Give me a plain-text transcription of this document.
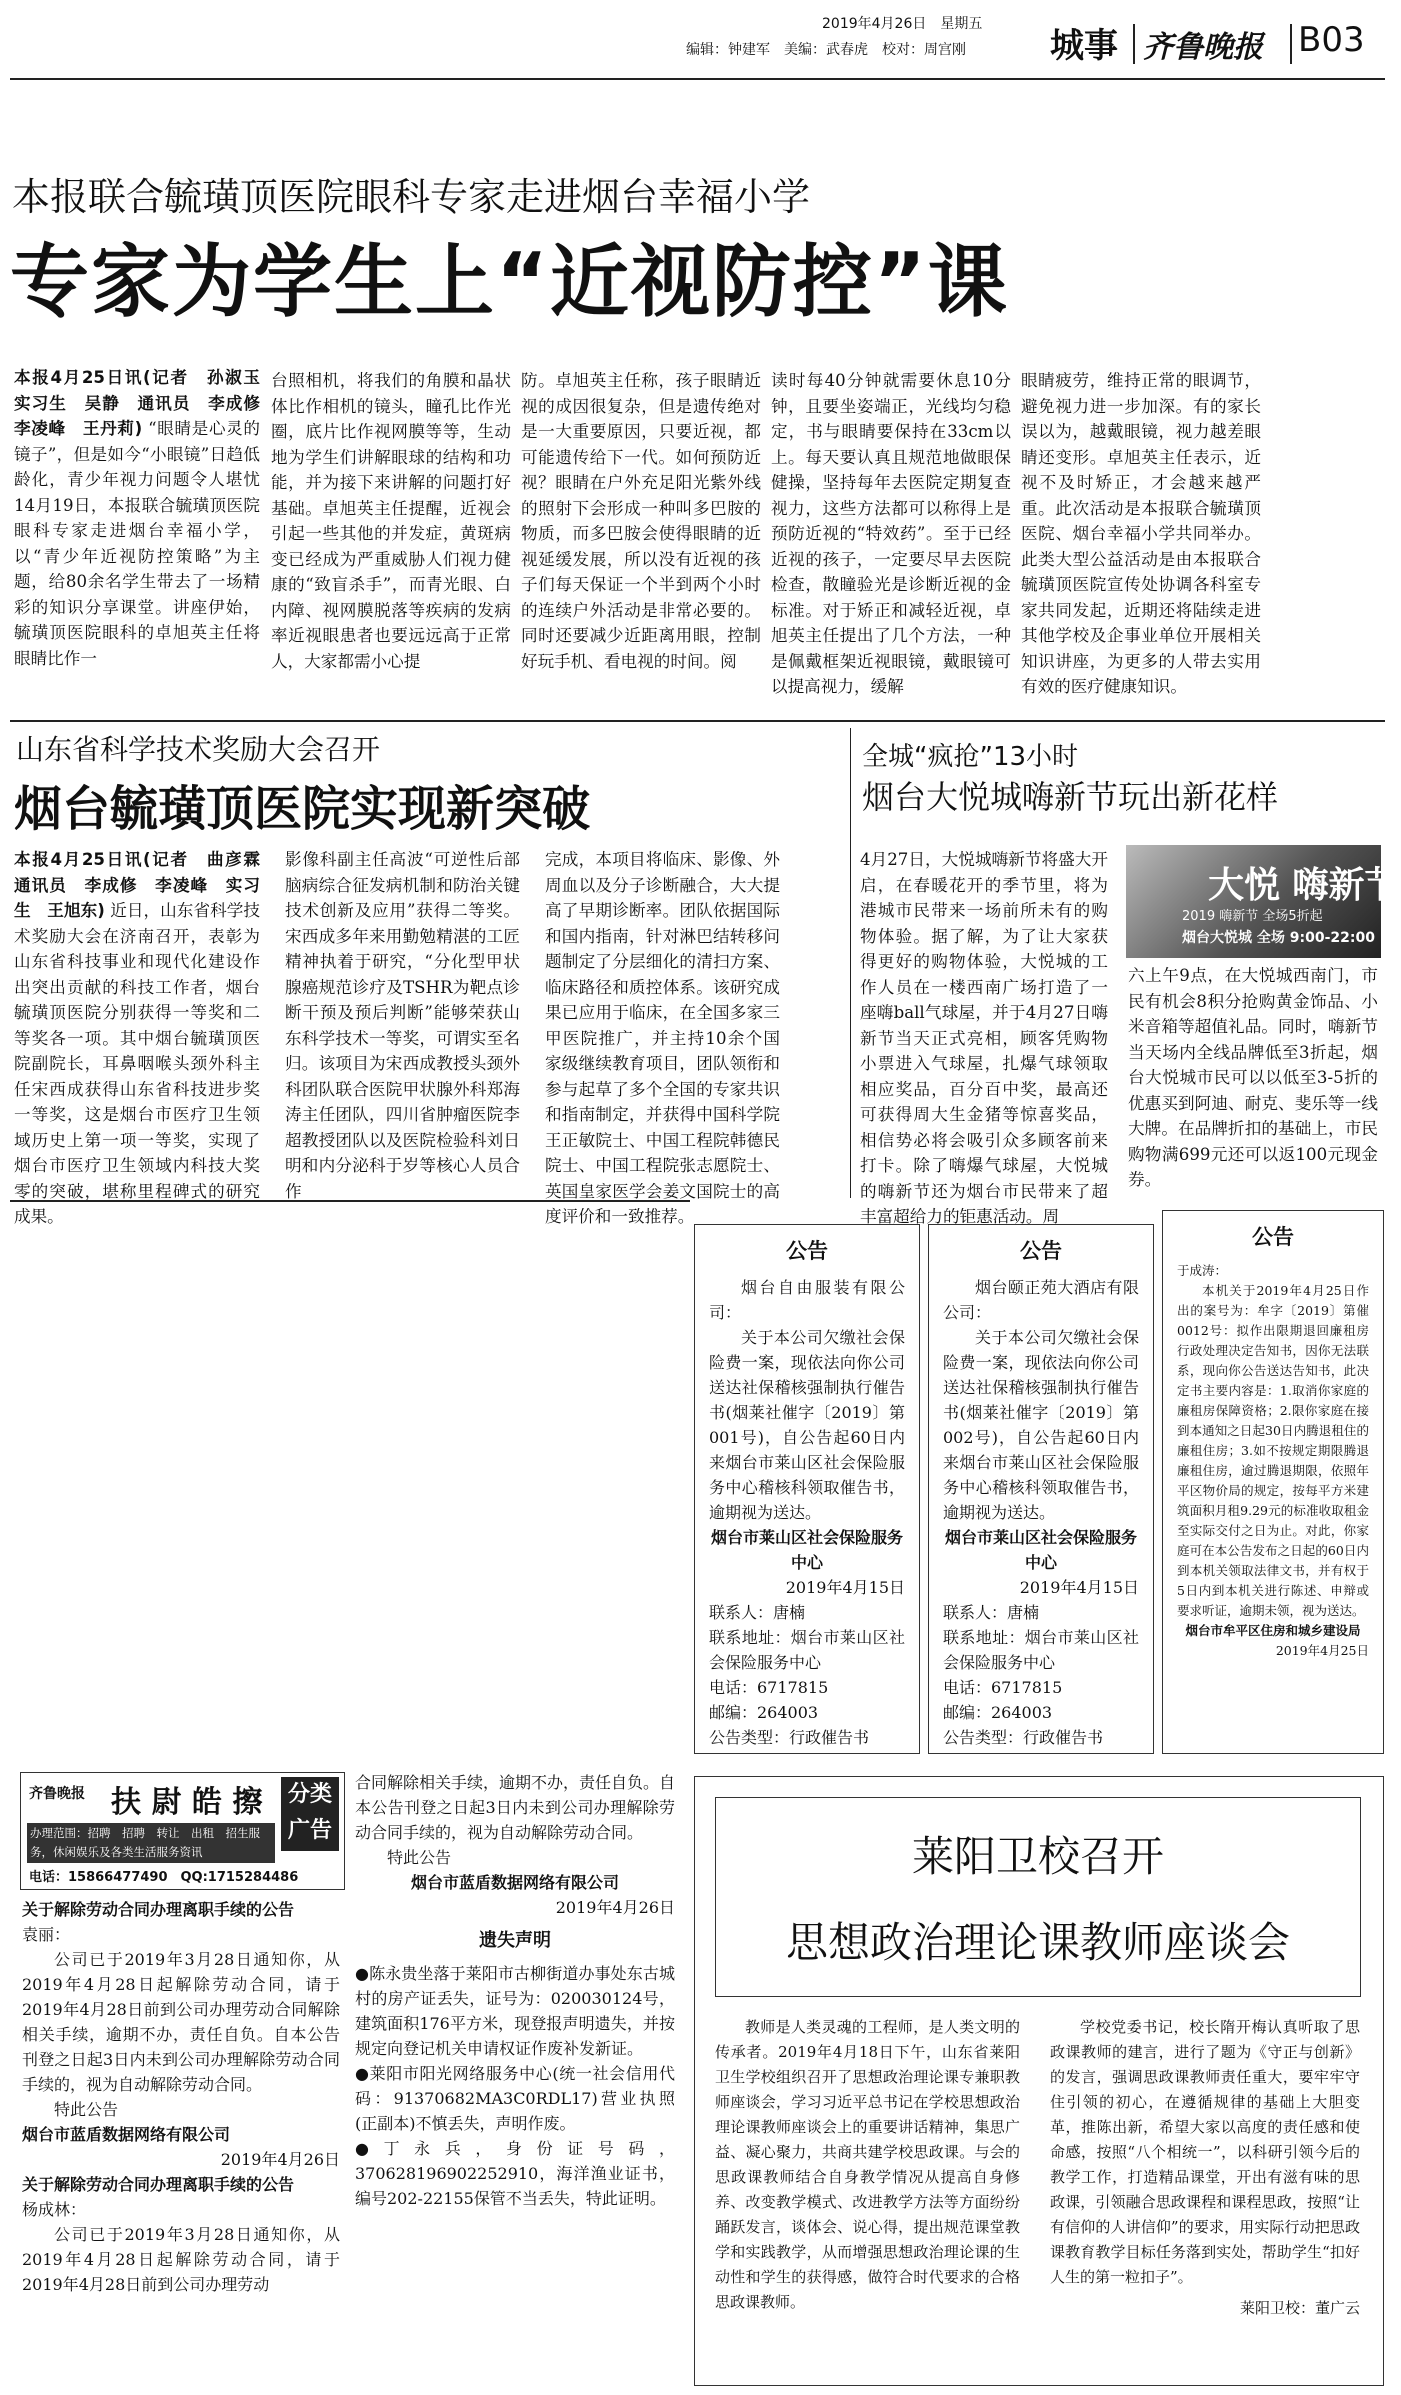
2019年4月26日　星期五
编辑：钟建军　美编：武春虎　校对：周宫刚 城事 齐鲁晚报 B03
本报联合毓璜顶医院眼科专家走进烟台幸福小学
专家为学生上“近视防控”课
本报4月25日讯(记者　孙淑玉　实习生　吴静　通讯员　李成修　李凌峰　王丹莉) “眼睛是心灵的镜子”，但是如今“小眼镜”日趋低龄化，青少年视力问题令人堪忧14月19日，本报联合毓璜顶医院眼科专家走进烟台幸福小学，以“青少年近视防控策略”为主题，给80余名学生带去了一场精彩的知识分享课堂。讲座伊始，毓璜顶医院眼科的卓旭英主任将眼睛比作一
台照相机，将我们的角膜和晶状体比作相机的镜头，瞳孔比作光圈，底片比作视网膜等等，生动地为学生们讲解眼球的结构和功能，并为接下来讲解的问题打好基础。卓旭英主任提醒，近视会引起一些其他的并发症，黄斑病变已经成为严重威胁人们视力健康的“致盲杀手”，而青光眼、白内障、视网膜脱落等疾病的发病率近视眼患者也要远远高于正常人，大家都需小心提
防。卓旭英主任称，孩子眼睛近视的成因很复杂，但是遗传绝对是一大重要原因，只要近视，都可能遗传给下一代。如何预防近视？眼睛在户外充足阳光紫外线的照射下会形成一种叫多巴胺的物质，而多巴胺会使得眼睛的近视延缓发展，所以没有近视的孩子们每天保证一个半到两个小时的连续户外活动是非常必要的。同时还要减少近距离用眼，控制好玩手机、看电视的时间。阅
读时每40分钟就需要休息10分钟，且要坐姿端正，光线均匀稳定，书与眼睛要保持在33cm以上。每天要认真且规范地做眼保健操，坚持每年去医院定期复查视力，这些方法都可以称得上是预防近视的“特效药”。至于已经近视的孩子，一定要尽早去医院检查，散瞳验光是诊断近视的金标准。对于矫正和减轻近视，卓旭英主任提出了几个方法，一种是佩戴框架近视眼镜，戴眼镜可以提高视力，缓解
眼睛疲劳，维持正常的眼调节，避免视力进一步加深。有的家长误以为，越戴眼镜，视力越差眼睛还变形。卓旭英主任表示，近视不及时矫正，才会越来越严重。此次活动是本报联合毓璜顶医院、烟台幸福小学共同举办。此类大型公益活动是由本报联合毓璜顶医院宣传处协调各科室专家共同发起，近期还将陆续走进其他学校及企事业单位开展相关知识讲座，为更多的人带去实用有效的医疗健康知识。
山东省科学技术奖励大会召开
烟台毓璜顶医院实现新突破
本报4月25日讯(记者　曲彦霖　通讯员　李成修　李凌峰　实习生　王旭东) 近日，山东省科学技术奖励大会在济南召开，表彰为山东省科技事业和现代化建设作出突出贡献的科技工作者，烟台毓璜顶医院分别获得一等奖和二等奖各一项。其中烟台毓璜顶医院副院长，耳鼻咽喉头颈外科主任宋西成获得山东省科技进步奖一等奖，这是烟台市医疗卫生领域历史上第一项一等奖，实现了烟台市医疗卫生领域内科技大奖零的突破，堪称里程碑式的研究成果。
影像科副主任高波“可逆性后部脑病综合征发病机制和防治关键技术创新及应用”获得二等奖。宋西成多年来用勤勉精湛的工匠精神执着于研究，“分化型甲状腺癌规范诊疗及TSHR为靶点诊断干预及预后判断”能够荣获山东科学技术一等奖，可谓实至名归。该项目为宋西成教授头颈外科团队联合医院甲状腺外科郑海涛主任团队，四川省肿瘤医院李超教授团队以及医院检验科刘日明和内分泌科于岁等核心人员合作
完成，本项目将临床、影像、外周血以及分子诊断融合，大大提高了早期诊断率。团队依据国际和国内指南，针对淋巴结转移问题制定了分层细化的清扫方案、临床路径和质控体系。该研究成果已应用于临床，在全国多家三甲医院推广，并主持10余个国家级继续教育项目，团队领衔和参与起草了多个全国的专家共识和指南制定，并获得中国科学院王正敏院士、中国工程院韩德民院士、中国工程院张志愿院士、英国皇家医学会姜文国院士的高度评价和一致推荐。
全城“疯抢”13小时
烟台大悦城嗨新节玩出新花样
4月27日，大悦城嗨新节将盛大开启，在春暖花开的季节里，将为港城市民带来一场前所未有的购物体验。据了解，为了让大家获得更好的购物体验，大悦城的工作人员在一楼西南广场打造了一座嗨ball气球屋，并于4月27日嗨新节当天正式亮相，顾客凭购物小票进入气球屋，扎爆气球领取相应奖品，百分百中奖，最高还可获得周大生金猪等惊喜奖品，相信势必将会吸引众多顾客前来打卡。除了嗨爆气球屋，大悦城的嗨新节还为烟台市民带来了超丰富超给力的钜惠活动。周
大悦 嗨新节
2019 嗨新节 全场5折起
烟台大悦城 全场 9:00-22:00
六上午9点，在大悦城西南门，市民有机会8积分抢购黄金饰品、小米音箱等超值礼品。同时，嗨新节当天场内全线品牌低至3折起，烟台大悦城市民可以以低至3-5折的优惠买到阿迪、耐克、斐乐等一线大牌。在品牌折扣的基础上，市民购物满699元还可以返100元现金券。
公告
烟台自由服装有限公司：
关于本公司欠缴社会保险费一案，现依法向你公司送达社保稽核强制执行催告书(烟莱社催字〔2019〕第001号)，自公告起60日内来烟台市莱山区社会保险服务中心稽核科领取催告书，逾期视为送达。
烟台市莱山区社会保险服务中心
2019年4月15日
联系人：唐楠
联系地址：烟台市莱山区社会保险服务中心
电话：6717815
邮编：264003
公告类型：行政催告书
公告
烟台颐正苑大酒店有限公司：
关于本公司欠缴社会保险费一案，现依法向你公司送达社保稽核强制执行催告书(烟莱社催字〔2019〕第002号)，自公告起60日内来烟台市莱山区社会保险服务中心稽核科领取催告书，逾期视为送达。
烟台市莱山区社会保险服务中心
2019年4月15日
联系人：唐楠
联系地址：烟台市莱山区社会保险服务中心
电话：6717815
邮编：264003
公告类型：行政催告书
公告
于成涛：
本机关于2019年4月25日作出的案号为：牟字〔2019〕第催0012号：拟作出限期退回廉租房行政处理决定告知书，因你无法联系，现向你公告送达告知书，此决定书主要内容是：1.取消你家庭的廉租房保障资格；2.限你家庭在接到本通知之日起30日内腾退租住的廉租住房；3.如不按规定期限腾退廉租住房，逾过腾退期限，依照年平区物价局的规定，按每平方米建筑面积月租9.29元的标准收取租金至实际交付之日为止。对此，你家庭可在本公告发布之日起的60日内到本机关领取法律文书，并有权于5日内到本机关进行陈述、申辩或要求听证，逾期未领，视为送达。
烟台市牟平区住房和城乡建设局
2019年4月25日
齐鲁晚报 扶 尉 皓 擦	分类广告
办理范围：招聘　招聘　转让　出租　招生服务，休闲娱乐及各类生活服务资讯
电话：15866477490　QQ:1715284486
关于解除劳动合同办理离职手续的公告
袁丽：
公司已于2019年3月28日通知你，从2019年4月28日起解除劳动合同，请于2019年4月28日前到公司办理劳动合同解除相关手续，逾期不办，责任自负。自本公告刊登之日起3日内未到公司办理解除劳动合同手续的，视为自动解除劳动合同。
特此公告
烟台市蓝盾数据网络有限公司
2019年4月26日
关于解除劳动合同办理离职手续的公告
杨成林：
公司已于2019年3月28日通知你，从2019年4月28日起解除劳动合同，请于2019年4月28日前到公司办理劳动
合同解除相关手续，逾期不办，责任自负。自本公告刊登之日起3日内未到公司办理解除劳动合同手续的，视为自动解除劳动合同。
特此公告
烟台市蓝盾数据网络有限公司
2019年4月26日
遗失声明
●陈永贵坐落于莱阳市古柳街道办事处东古城村的房产证丢失，证号为：020030124号，建筑面积176平方米，现登报声明遗失，并按规定向登记机关申请权证作废补发新证。
●莱阳市阳光网络服务中心(统一社会信用代码：91370682MA3C0RDL17)营业执照(正副本)不慎丢失，声明作废。
●丁永兵，身份证号码，370628196902252910，海洋渔业证书，编号202-22155保管不当丢失，特此证明。
莱阳卫校召开
思想政治理论课教师座谈会
教师是人类灵魂的工程师，是人类文明的传承者。2019年4月18日下午，山东省莱阳卫生学校组织召开了思想政治理论课专兼职教师座谈会，学习习近平总书记在学校思想政治理论课教师座谈会上的重要讲话精神，集思广益、凝心聚力，共商共建学校思政课。与会的思政课教师结合自身教学情况从提高自身修养、改变教学模式、改进教学方法等方面纷纷踊跃发言，谈体会、说心得，提出规范课堂教学和实践教学，从而增强思想政治理论课的生动性和学生的获得感，做符合时代要求的合格思政课教师。
学校党委书记，校长隋开梅认真听取了思政课教师的建言，进行了题为《守正与创新》的发言，强调思政课教师责任重大，要牢牢守住引领的初心，在遵循规律的基础上大胆变革，推陈出新，希望大家以高度的责任感和使命感，按照“八个相统一”，以科研引领今后的教学工作，打造精品课堂，开出有滋有味的思政课，引领融合思政课程和课程思政，按照“让有信仰的人讲信仰”的要求，用实际行动把思政课教育教学目标任务落到实处，帮助学生“扣好人生的第一粒扣子”。
莱阳卫校：董广云
